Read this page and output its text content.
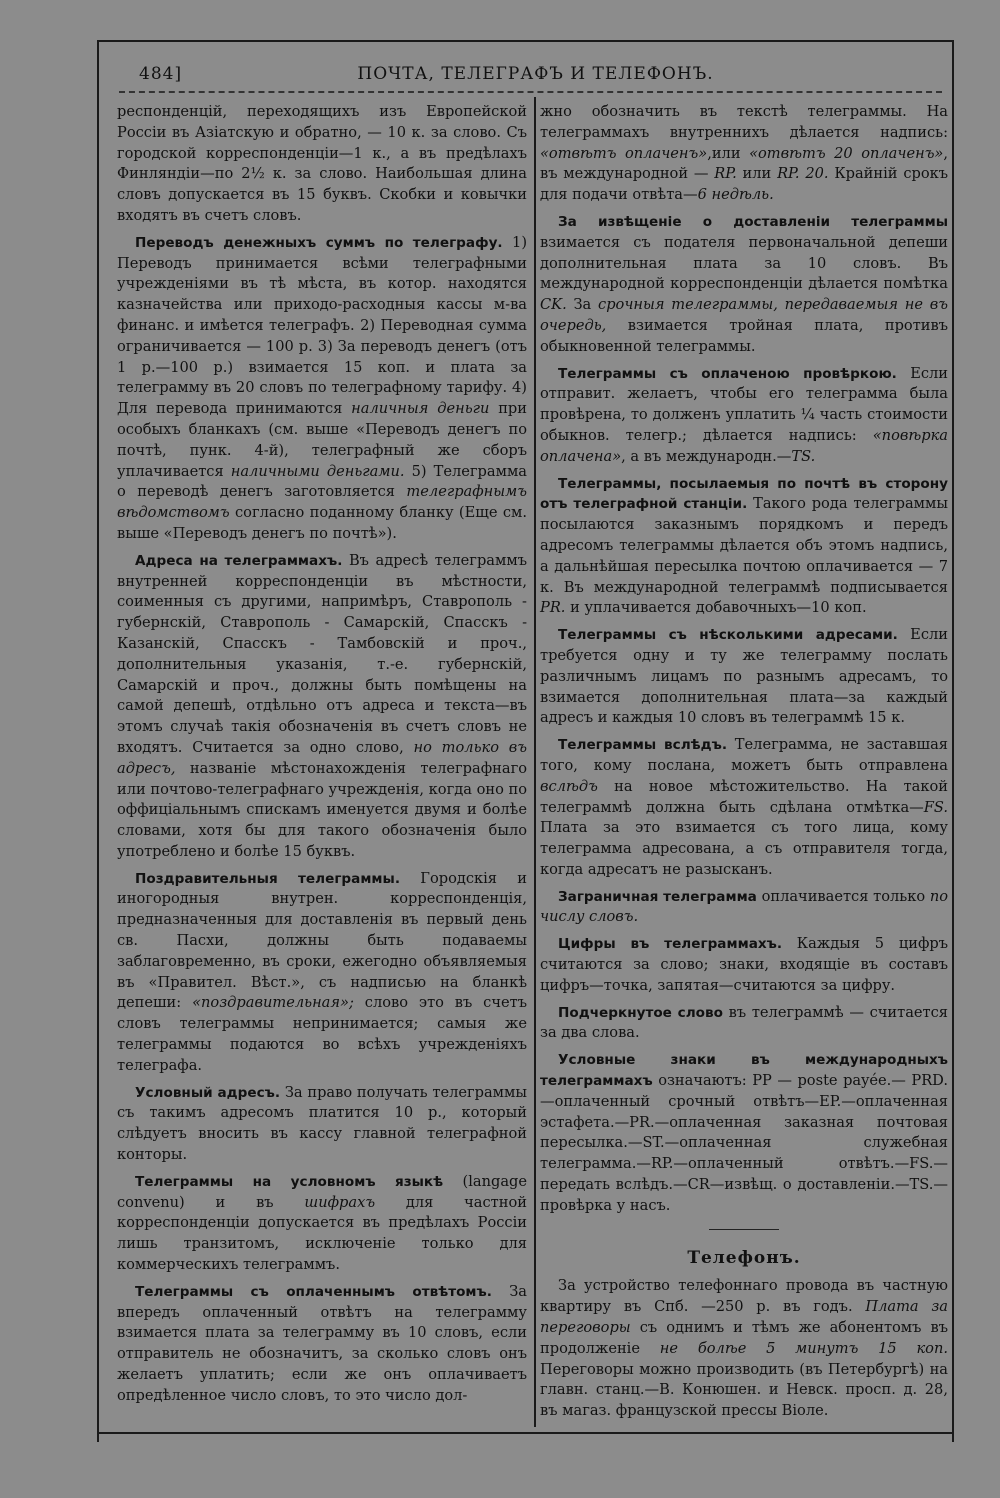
484]	ПОЧТА, ТЕЛЕГРАФЪ И ТЕЛЕФОНЪ.

респонденцій, переходящихъ изъ Европейской Россіи въ Азіатскую и обратно, — 10 к. за слово. Съ городской корреспонденціи—1 к., а въ предѣлахъ Финляндіи—по 2½ к. за слово. Наибольшая длина словъ допускается въ 15 буквъ. Скобки и ковычки входятъ въ счетъ словъ.

Переводъ денежныхъ суммъ по телеграфу. 1) Переводъ принимается всѣми телеграфными учрежденіями въ тѣ мѣста, въ котор. находятся казначейства или приходо-расходныя кассы м-ва финанс. и имѣется телеграфъ. 2) Переводная сумма ограничивается — 100 р. 3) За переводъ денегъ (отъ 1 р.—100 р.) взимается 15 коп. и плата за телеграмму въ 20 словъ по телеграфному тарифу. 4) Для перевода принимаются наличныя деньги при особыхъ бланкахъ (см. выше «Переводъ денегъ по почтѣ, пунк. 4-й), телеграфный же сборъ уплачивается наличными деньгами. 5) Телеграмма о переводѣ денегъ заготовляется телеграфнымъ вѣдомствомъ согласно поданному бланку (Еще см. выше «Переводъ денегъ по почтѣ»).

Адреса на телеграммахъ. Въ адресѣ телеграммъ внутренней корреспонденціи въ мѣстности, соименныя съ другими, напримѣръ, Ставрополь - губернскій, Ставрополь - Самарскій, Спасскъ - Казанскій, Спасскъ - Тамбовскій и проч., дополнительныя указанія, т.-е. губернскій, Самарскій и проч., должны быть помѣщены на самой депешѣ, отдѣльно отъ адреса и текста—въ этомъ случаѣ такія обозначенія въ счетъ словъ не входятъ. Считается за одно слово, но только въ адресъ, названіе мѣстонахожденія телеграфнаго или почтово-телеграфнаго учрежденія, когда оно по оффиціальнымъ спискамъ именуется двумя и болѣе словами, хотя бы для такого обозначенія было употреблено и болѣе 15 буквъ.

Поздравительныя телеграммы. Городскія и иногородныя внутрен. корреспонденція, предназначенныя для доставленія въ первый день св. Пасхи, должны быть подаваемы заблаговременно, въ сроки, ежегодно объявляемыя въ «Правител. Вѣст.», съ надписью на бланкѣ депеши: «поздравительная»; слово это въ счетъ словъ телеграммы непринимается; самыя же телеграммы подаются во всѣхъ учрежденіяхъ телеграфа.

Условный адресъ. За право получать телеграммы съ такимъ адресомъ платится 10 р., который слѣдуетъ вносить въ кассу главной телеграфной конторы.

Телеграммы на условномъ языкѣ (langage convenu) и въ шифрахъ для частной корреспонденціи допускается въ предѣлахъ Россіи лишь транзитомъ, исключеніе только для коммерческихъ телеграммъ.

Телеграммы съ оплаченнымъ отвѣтомъ. За впередъ оплаченный отвѣтъ на телеграмму взимается плата за телеграмму въ 10 словъ, если отправитель не обозначитъ, за сколько словъ онъ желаетъ уплатить; если же онъ оплачиваетъ опредѣленное число словъ, то это число дол-

жно обозначить въ текстѣ телеграммы. На телеграммахъ внутреннихъ дѣлается надпись: «отвѣтъ оплаченъ»,или «отвѣтъ 20 оплаченъ», въ международной — RP. или RP. 20. Крайній срокъ для подачи отвѣта—6 недѣль.

За извѣщеніе о доставленіи телеграммы взимается съ подателя первоначальной депеши дополнительная плата за 10 словъ. Въ международной корреспонденціи дѣлается помѣтка CK. За срочныя телеграммы, передаваемыя не въ очередь, взимается тройная плата, противъ обыкновенной телеграммы.

Телеграммы съ оплаченою провѣркою. Если отправит. желаетъ, чтобы его телеграмма была провѣрена, то долженъ уплатить ¼ часть стоимости обыкнов. телегр.; дѣлается надпись: «повѣрка оплачена», а въ международн.—TS.

Телеграммы, посылаемыя по почтѣ въ сторону отъ телеграфной станціи. Такого рода телеграммы посылаются заказнымъ порядкомъ и передъ адресомъ телеграммы дѣлается объ этомъ надпись, а дальнѣйшая пересылка почтою оплачивается — 7 к. Въ международной телеграммѣ подписывается PR. и уплачивается добавочныхъ—10 коп.

Телеграммы съ нѣсколькими адресами. Если требуется одну и ту же телеграмму послать различнымъ лицамъ по разнымъ адресамъ, то взимается дополнительная плата—за каждый адресъ и каждыя 10 словъ въ телеграммѣ 15 к.

Телеграммы вслѣдъ. Телеграмма, не заставшая того, кому послана, можетъ быть отправлена вслѣдъ на новое мѣстожительство. На такой телеграммѣ должна быть сдѣлана отмѣтка—FS. Плата за это взимается съ того лица, кому телеграмма адресована, а съ отправителя тогда, когда адресатъ не разысканъ.

Заграничная телеграмма оплачивается только по числу словъ.

Цифры въ телеграммахъ. Каждыя 5 цифръ считаются за слово; знаки, входящіе въ составъ цифръ—точка, запятая—считаются за цифру.

Подчеркнутое слово въ телеграммѣ — считается за два слова.

Условные знаки въ международныхъ телеграммахъ означаютъ: PP — poste payée.— PRD.—оплаченный срочный отвѣтъ—EP.—оплаченная эстафета.—PR.—оплаченная заказная почтовая пересылка.—ST.—оплаченная служебная телеграмма.—RP.—оплаченный отвѣтъ.—FS.—передать вслѣдъ.—CR—извѣщ. о доставленіи.—TS.—провѣрка у насъ.

Телефонъ.

За устройство телефоннаго провода въ частную квартиру въ Спб. —250 р. въ годъ. Плата за переговоры съ однимъ и тѣмъ же абонентомъ въ продолженіе не болѣе 5 минутъ 15 коп. Переговоры можно производить (въ Петербургѣ) на главн. станц.—В. Конюшен. и Невск. просп. д. 28, въ магаз. французской прессы Віоле.
